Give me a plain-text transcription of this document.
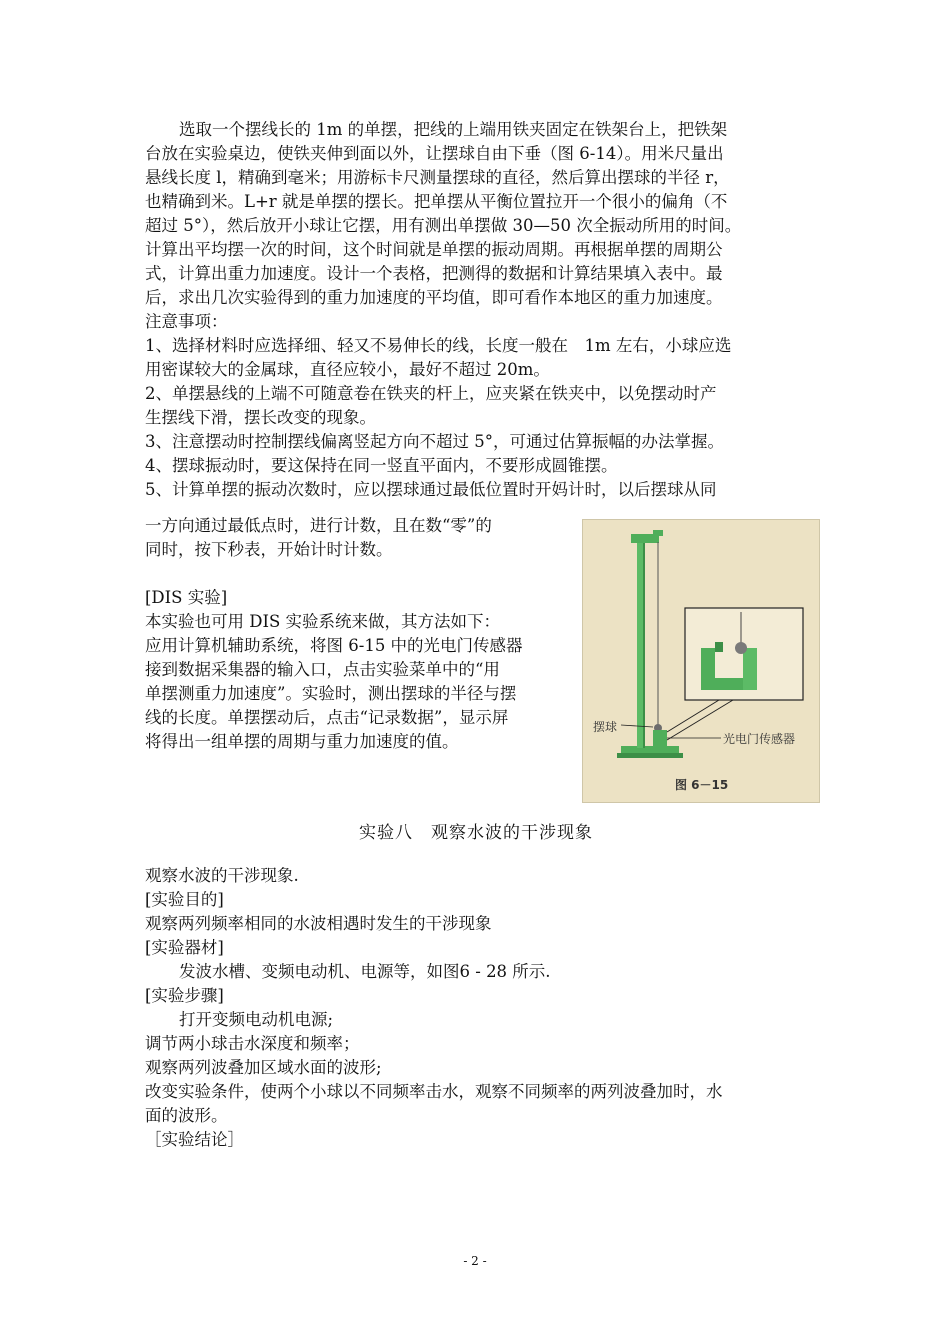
选取一个摆线长的 1m 的单摆，把线的上端用铁夹固定在铁架台上，把铁架
台放在实验桌边，使铁夹伸到面以外，让摆球自由下垂（图 6-14）。用米尺量出
悬线长度 l，精确到毫米；用游标卡尺测量摆球的直径，然后算出摆球的半径 r，
也精确到米。L+r 就是单摆的摆长。把单摆从平衡位置拉开一个很小的偏角（不
超过 5°），然后放开小球让它摆，用有测出单摆做 30—50 次全振动所用的时间。
计算出平均摆一次的时间，这个时间就是单摆的振动周期。再根据单摆的周期公
式，计算出重力加速度。设计一个表格，把测得的数据和计算结果填入表中。最
后，求出几次实验得到的重力加速度的平均值，即可看作本地区的重力加速度。
注意事项：
1、选择材料时应选择细、轻又不易伸长的线，长度一般在　1m 左右，小球应选
用密谋较大的金属球，直径应较小，最好不超过 20m。
2、单摆悬线的上端不可随意卷在铁夹的杆上，应夹紧在铁夹中，以免摆动时产
生摆线下滑，摆长改变的现象。
3、注意摆动时控制摆线偏离竖起方向不超过 5°，可通过估算振幅的办法掌握。
4、摆球振动时，要这保持在同一竖直平面内，不要形成圆锥摆。
5、计算单摆的振动次数时，应以摆球通过最低位置时开妈计时，以后摆球从同
一方向通过最低点时，进行计数，且在数“零”的
同时，按下秒表，开始计时计数。
[DIS 实验]
本实验也可用 DIS 实验系统来做，其方法如下：
应用计算机辅助系统，将图 6-15 中的光电门传感器
接到数据采集器的输入口，点击实验菜单中的“用
单摆测重力加速度”。实验时，测出摆球的半径与摆
线的长度。单摆摆动后，点击“记录数据”，显示屏
将得出一组单摆的周期与重力加速度的值。
摆球
光电门传感器
图 6－15
实验八　观察水波的干涉现象
观察水波的干涉现象.
[实验目的]
观察两列频率相同的水波相遇时发生的干涉现象
[实验器材]
发波水槽、变频电动机、电源等，如图6 - 28 所示.
[实验步骤]
打开变频电动机电源;
调节两小球击水深度和频率；
观察两列波叠加区域水面的波形;
改变实验条件，使两个小球以不同频率击水，观察不同频率的两列波叠加时，水
面的波形。
［实验结论］
- 2 -
